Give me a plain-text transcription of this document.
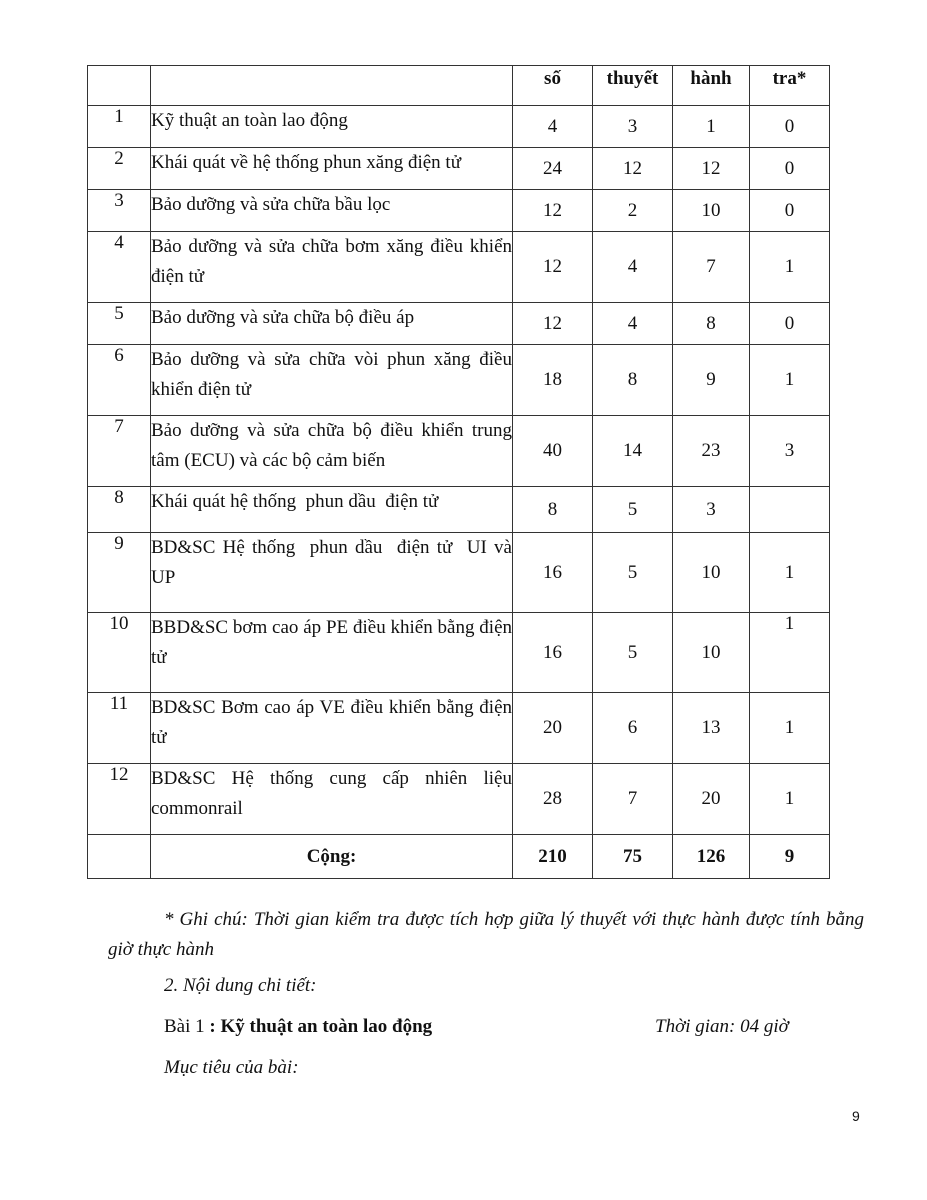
		số	thuyết	hành	tra*
1	Kỹ thuật an toàn lao động	4	3	1	0
2	Khái quát về hệ thống phun xăng điện tử	24	12	12	0
3	Bảo dưỡng và sửa chữa bầu lọc	12	2	10	0
4	Bảo dưỡng và sửa chữa bơm xăng điều khiển điện tử	12	4	7	1
5	Bảo dưỡng và sửa chữa bộ điều áp	12	4	8	0
6	Bảo dưỡng và sửa chữa vòi phun xăng điều khiển điện tử	18	8	9	1
7	Bảo dưỡng và sửa chữa bộ điều khiển trung tâm (ECU) và các bộ cảm biến	40	14	23	3
8	Khái quát hệ thống  phun dầu  điện tử	8	5	3	
9	BD&SC Hệ thống  phun dầu  điện tử  UI và UP	16	5	10	1
10	BBD&SC bơm cao áp PE điều khiển bằng điện tử	16	5	10	1
11	BD&SC Bơm cao áp VE điều khiển bằng điện tử	20	6	13	1
12	BD&SC Hệ thống cung cấp nhiên liệu commonrail	28	7	20	1
	Cộng:	210	75	126	9
* Ghi chú: Thời gian kiểm tra được tích hợp giữa lý thuyết với thực hành được tính bằng giờ thực hành
2. Nội dung chi tiết:
Bài 1 : Kỹ thuật an toàn lao động	Thời gian: 04 giờ
Mục tiêu của bài:
9
